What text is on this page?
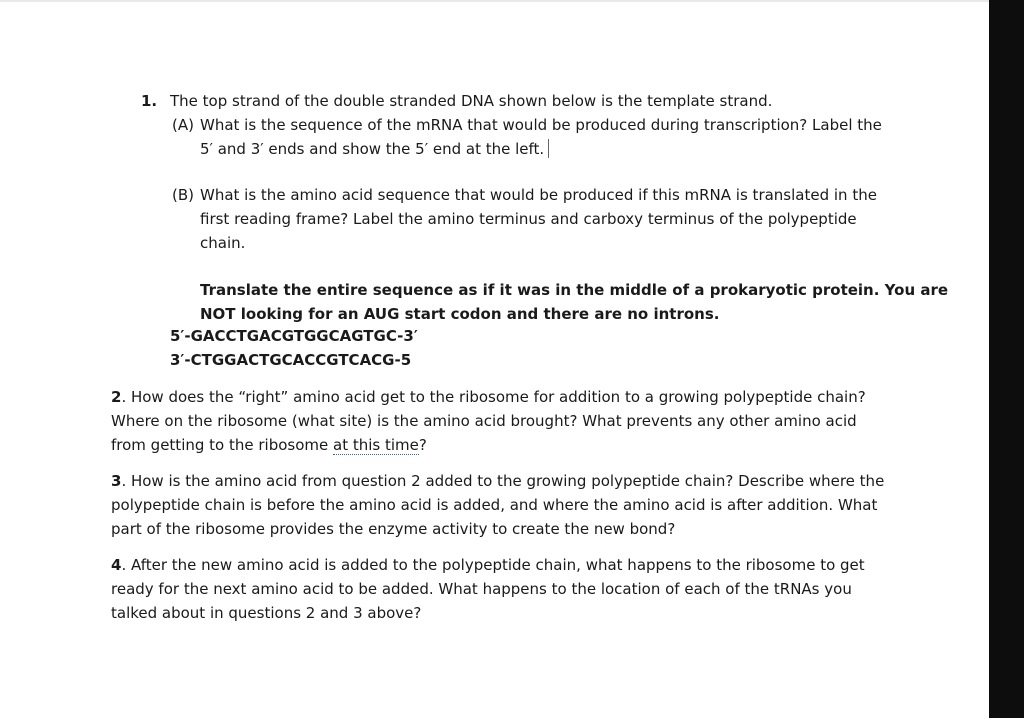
1. The top strand of the double stranded DNA shown below is the template strand.
(A) What is the sequence of the mRNA that would be produced during transcription? Label the
5′ and 3′ ends and show the 5′ end at the left.
(B) What is the amino acid sequence that would be produced if this mRNA is translated in the
first reading frame? Label the amino terminus and carboxy terminus of the polypeptide
chain.
Translate the entire sequence as if it was in the middle of a prokaryotic protein. You are
NOT looking for an AUG start codon and there are no introns.
5′-GACCTGACGTGGCAGTGC-3′
3′-CTGGACTGCACCGTCACG-5
2. How does the “right” amino acid get to the ribosome for addition to a growing polypeptide chain?
Where on the ribosome (what site) is the amino acid brought? What prevents any other amino acid
from getting to the ribosome at this time?
3. How is the amino acid from question 2 added to the growing polypeptide chain? Describe where the
polypeptide chain is before the amino acid is added, and where the amino acid is after addition. What
part of the ribosome provides the enzyme activity to create the new bond?
4. After the new amino acid is added to the polypeptide chain, what happens to the ribosome to get
ready for the next amino acid to be added. What happens to the location of each of the tRNAs you
talked about in questions 2 and 3 above?
